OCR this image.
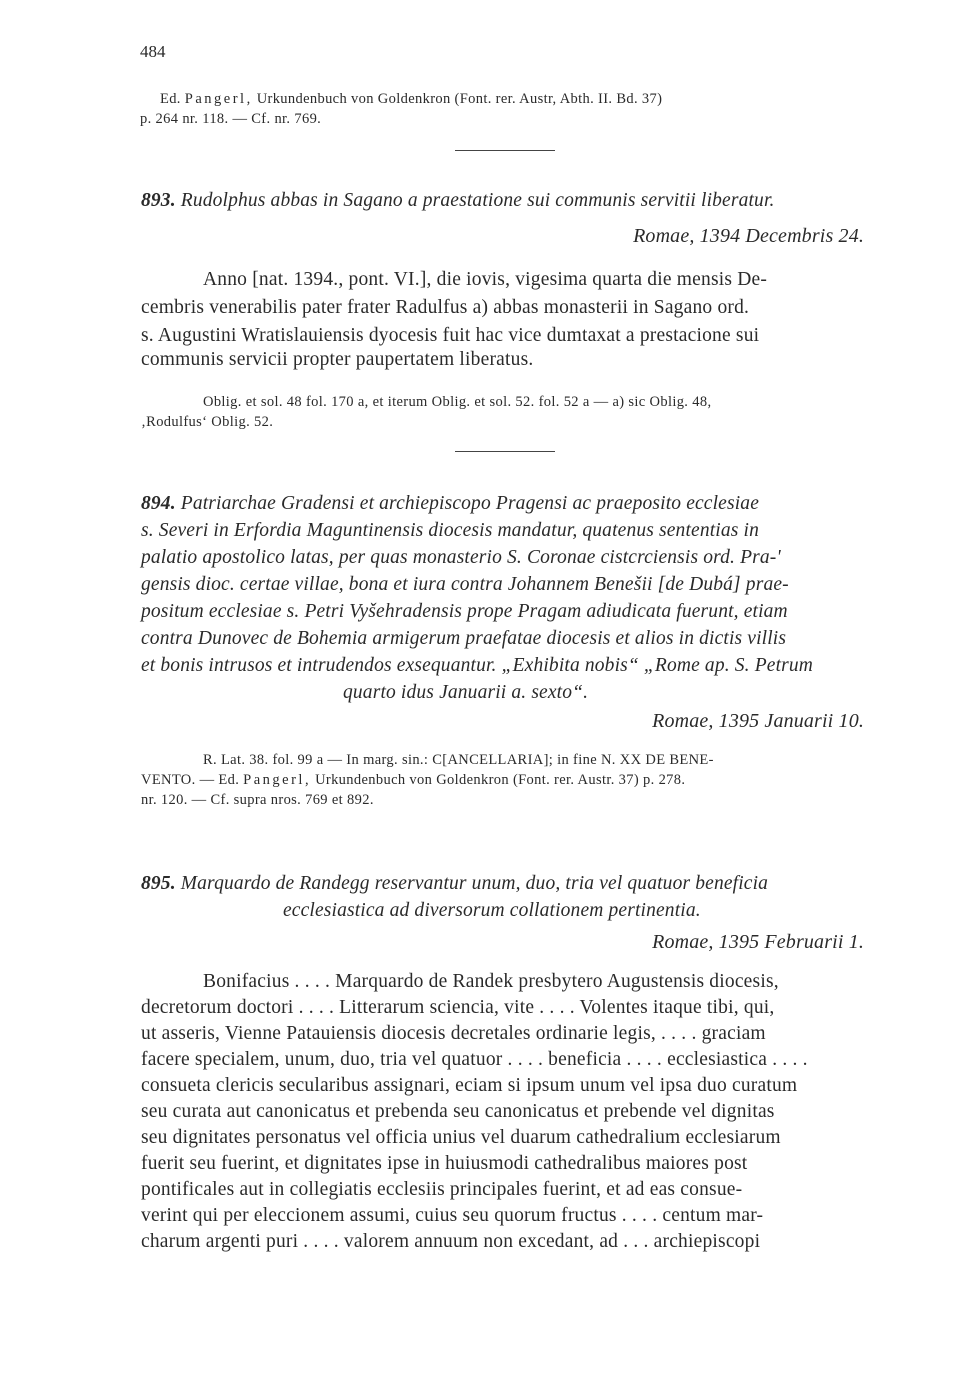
484
Ed. Pangerl, Urkundenbuch von Goldenkron (Font. rer. Austr, Abth. II. Bd. 37)
p. 264 nr. 118. — Cf. nr. 769.
893. Rudolphus abbas in Sagano a praestatione sui communis servitii liberatur.
Romae, 1394 Decembris 24.
Anno [nat. 1394., pont. VI.], die iovis, vigesima quarta die mensis De-
cembris venerabilis pater frater Radulfus a) abbas monasterii in Sagano ord.
s. Augustini Wratislauiensis dyocesis fuit hac vice dumtaxat a prestacione sui
communis servicii propter paupertatem liberatus.
Oblig. et sol. 48 fol. 170 a, et iterum Oblig. et sol. 52. fol. 52 a — a) sic Oblig. 48,
‚Rodulfus‘ Oblig. 52.
894. Patriarchae Gradensi et archiepiscopo Pragensi ac praeposito ecclesiae
s. Severi in Erfordia Maguntinensis diocesis mandatur, quatenus sententias in
palatio apostolico latas, per quas monasterio S. Coronae cistcrciensis ord. Pra-'
gensis dioc. certae villae, bona et iura contra Johannem Benešii [de Dubá] prae-
positum ecclesiae s. Petri Vyšehradensis prope Pragam adiudicata fuerunt, etiam
contra Dunovec de Bohemia armigerum praefatae diocesis et alios in dictis villis
et bonis intrusos et intrudendos exsequantur. „Exhibita nobis“ „Rome ap. S. Petrum
quarto idus Januarii a. sexto“.
Romae, 1395 Januarii 10.
R. Lat. 38. fol. 99 a — In marg. sin.: C[ANCELLARIA]; in fine N. XX DE BENE-
VENTO. — Ed. Pangerl, Urkundenbuch von Goldenkron (Font. rer. Austr. 37) p. 278.
nr. 120. — Cf. supra nros. 769 et 892.
895. Marquardo de Randegg reservantur unum, duo, tria vel quatuor beneficia
ecclesiastica ad diversorum collationem pertinentia.
Romae, 1395 Februarii 1.
Bonifacius . . . . Marquardo de Randek presbytero Augustensis diocesis,
decretorum doctori . . . . Litterarum sciencia, vite . . . . Volentes itaque tibi, qui,
ut asseris, Vienne Patauiensis diocesis decretales ordinarie legis, . . . . graciam
facere specialem, unum, duo, tria vel quatuor . . . . beneficia . . . . ecclesiastica . . . .
consueta clericis secularibus assignari, eciam si ipsum unum vel ipsa duo curatum
seu curata aut canonicatus et prebenda seu canonicatus et prebende vel dignitas
seu dignitates personatus vel officia unius vel duarum cathedralium ecclesiarum
fuerit seu fuerint, et dignitates ipse in huiusmodi cathedralibus maiores post
pontificales aut in collegiatis ecclesiis principales fuerint, et ad eas consue-
verint qui per eleccionem assumi, cuius seu quorum fructus . . . . centum mar-
charum argenti puri . . . . valorem annuum non excedant, ad . . . archiepiscopi
